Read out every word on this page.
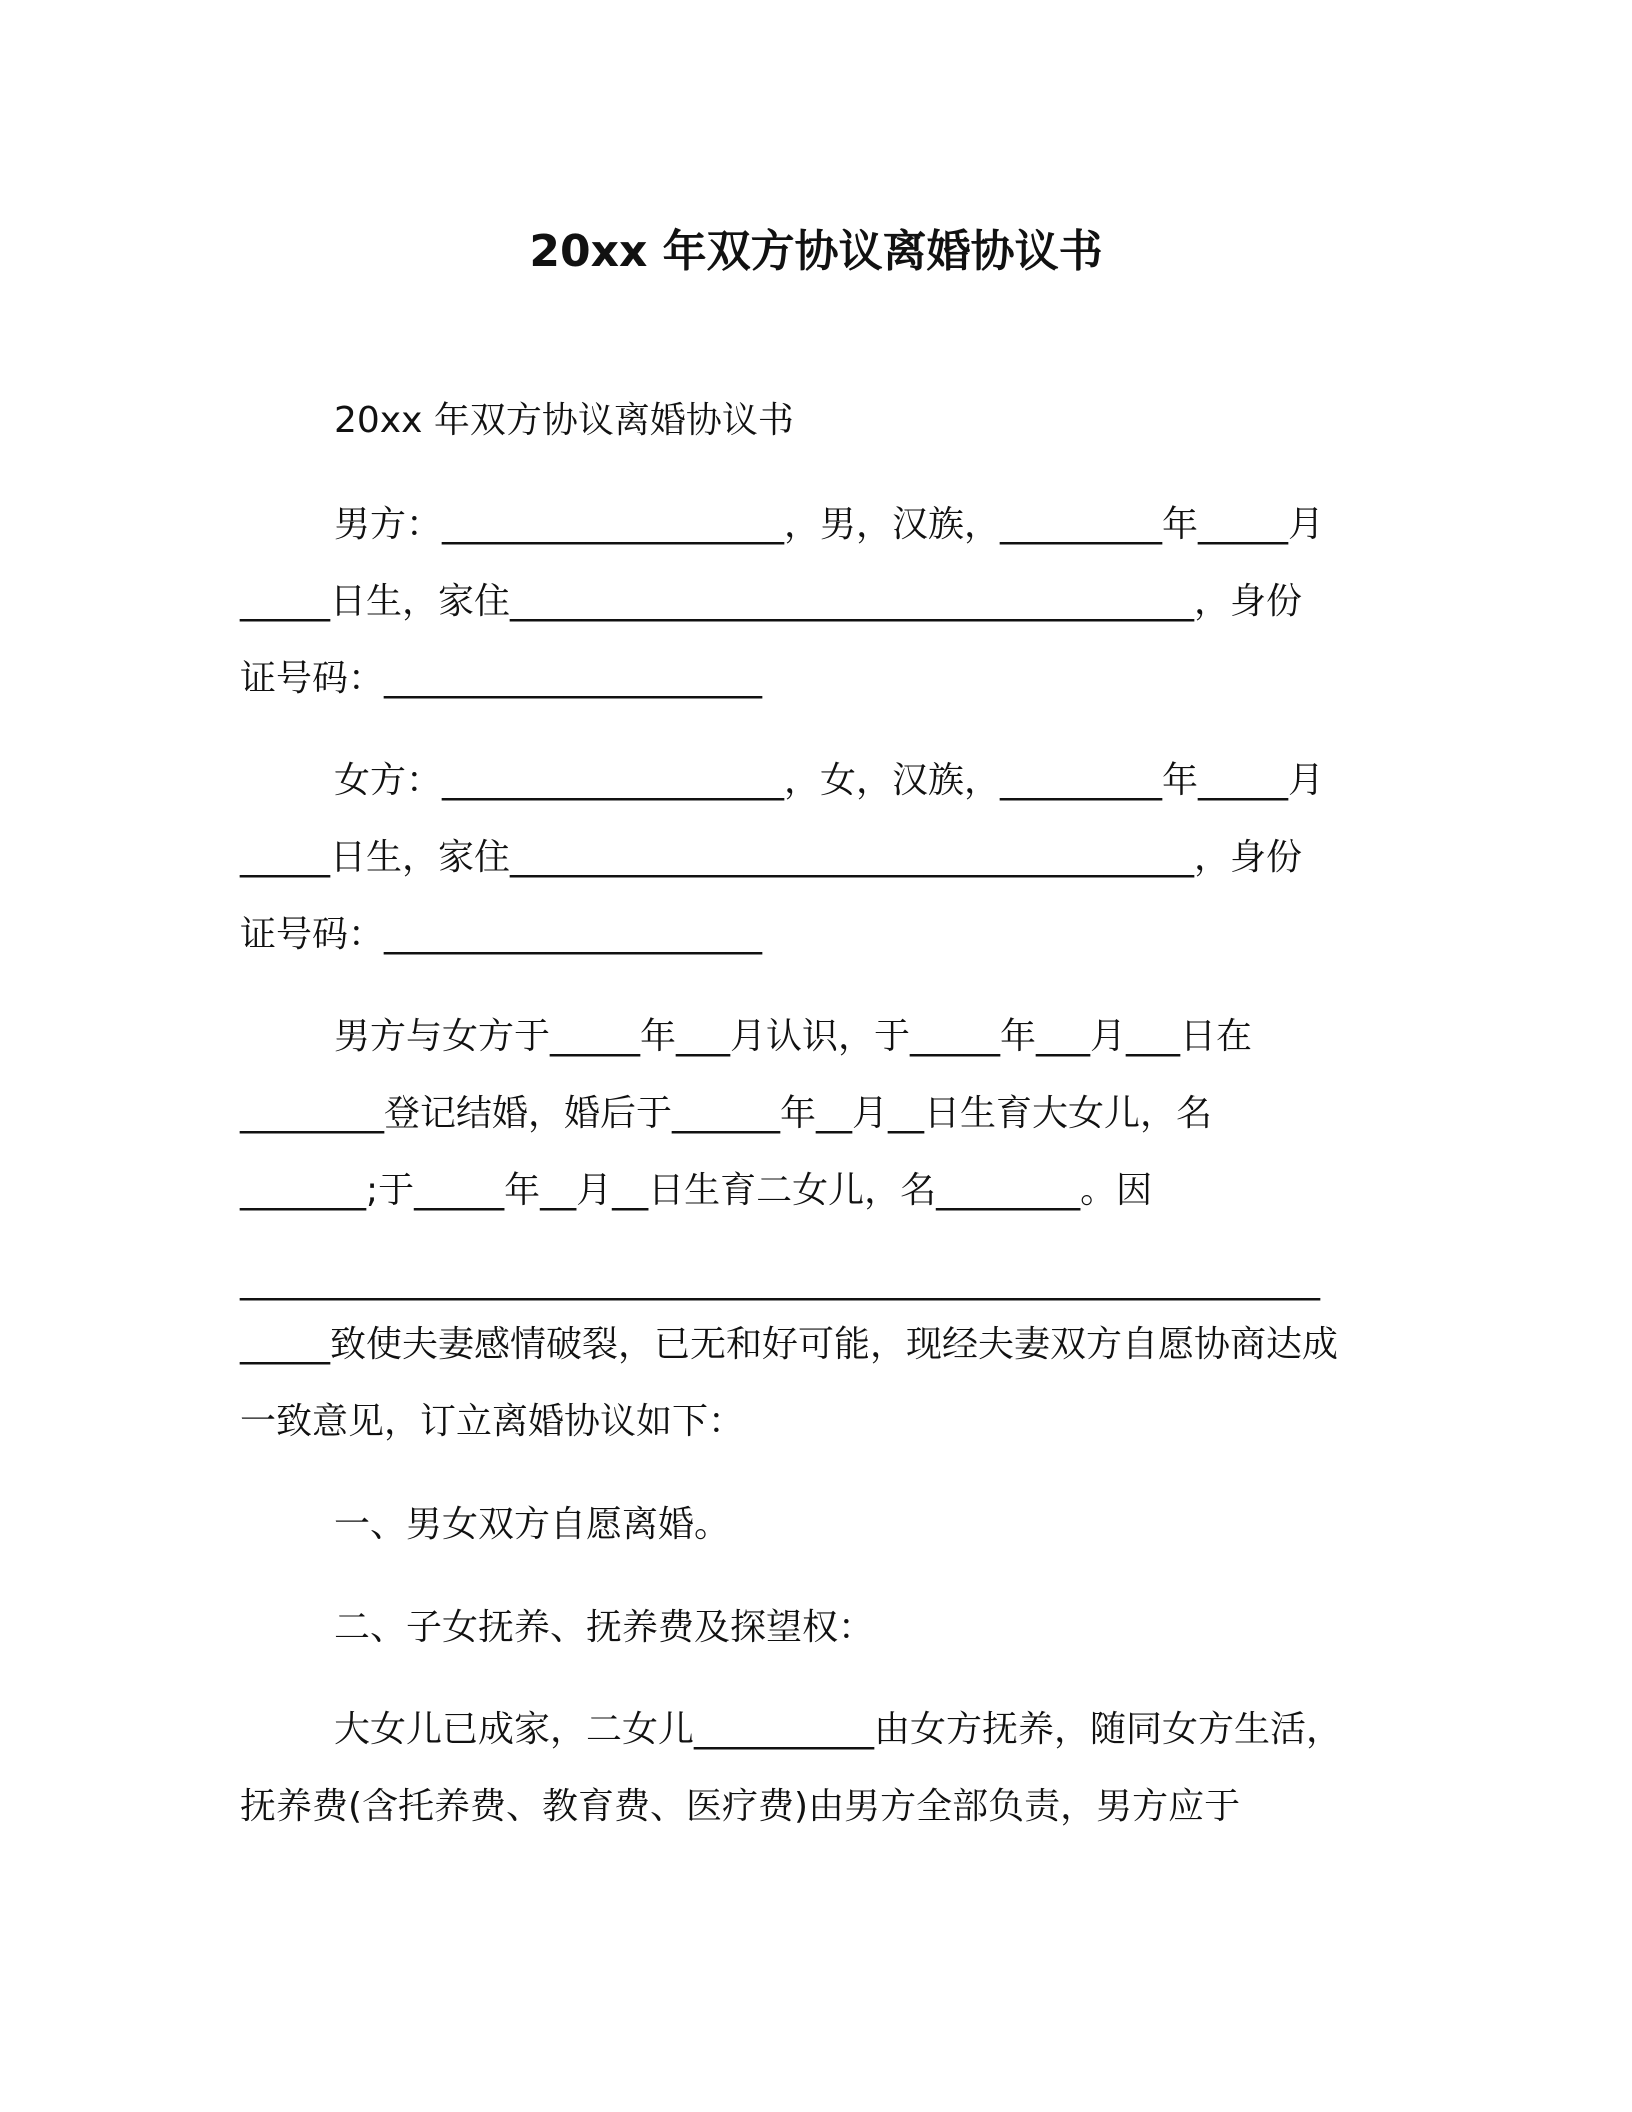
20xx 年双方协议离婚协议书
20xx 年双方协议离婚协议书
男方：___________________，男，汉族，_________年_____月
_____日生，家住______________________________________，身份
证号码：_____________________
女方：___________________，女，汉族，_________年_____月
_____日生，家住______________________________________，身份
证号码：_____________________
男方与女方于_____年___月认识，于_____年___月___日在
________登记结婚，婚后于______年__月__日生育大女儿，名
_______;于_____年__月__日生育二女儿，名________。因
____________________________________________________________
_____致使夫妻感情破裂，已无和好可能，现经夫妻双方自愿协商达成
一致意见，订立离婚协议如下：
一、男女双方自愿离婚。
二、子女抚养、抚养费及探望权：
大女儿已成家，二女儿__________由女方抚养，随同女方生活，
抚养费(含托养费、教育费、医疗费)由男方全部负责，男方应于
